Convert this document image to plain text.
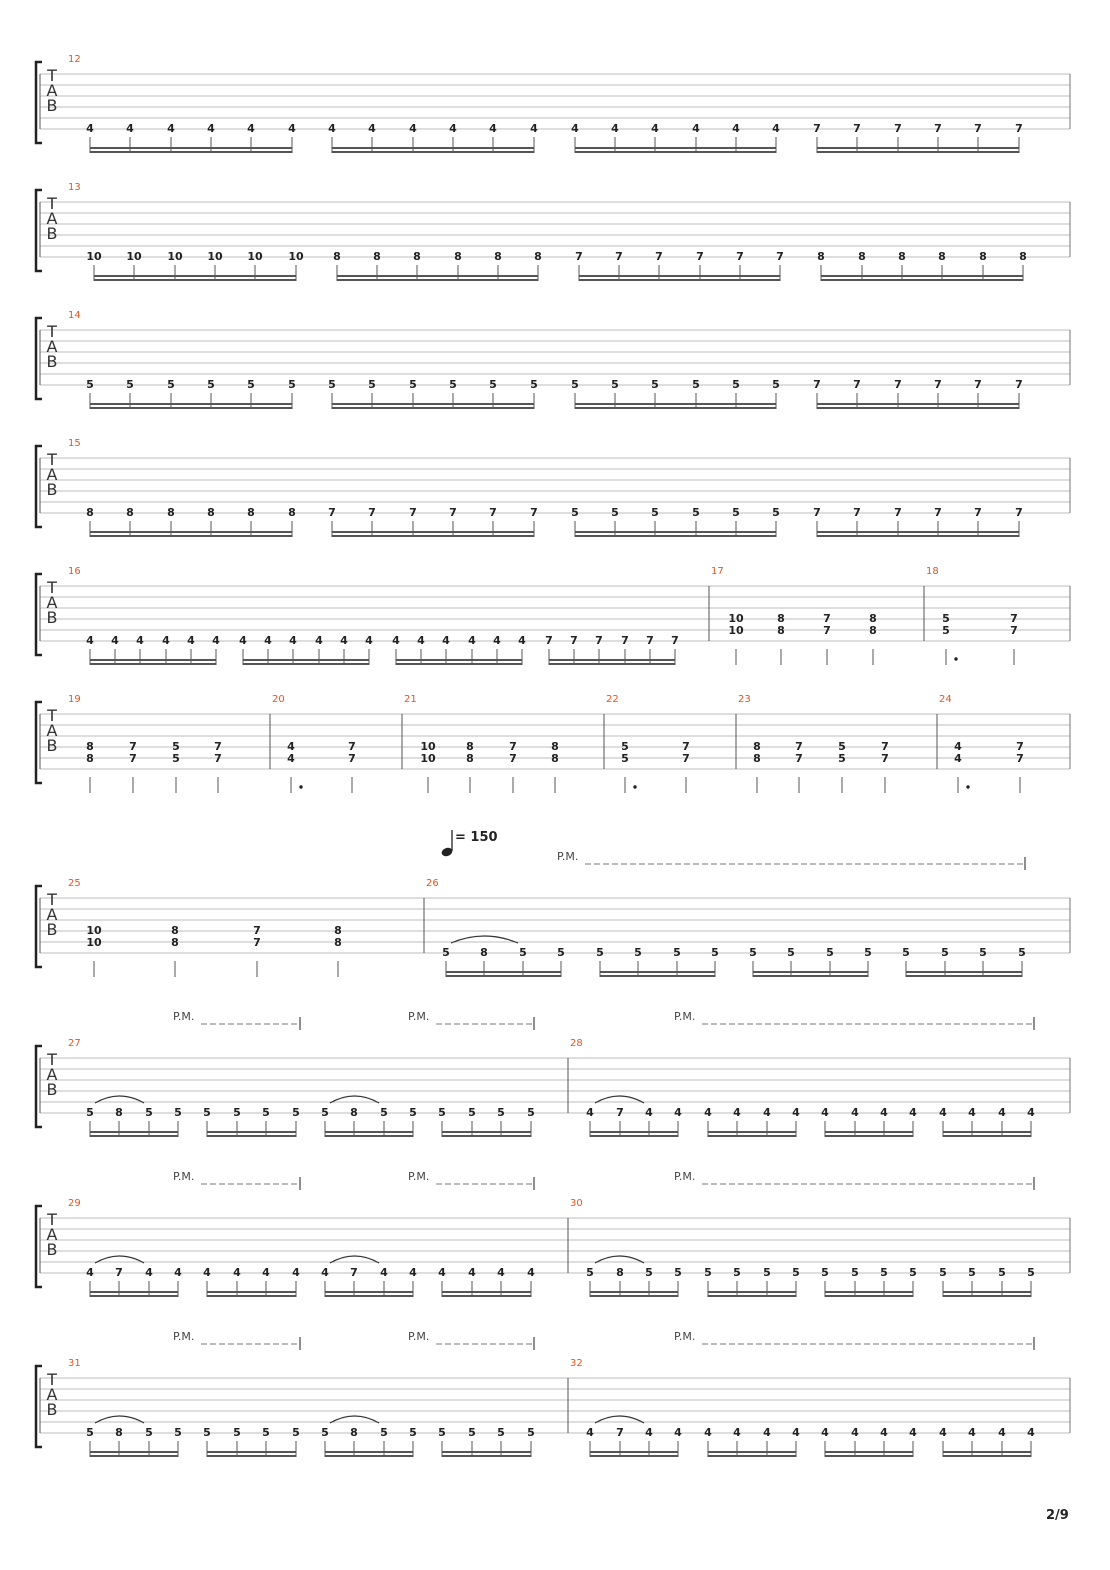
T
A
B
12
4	4	4	4	4	4	4	4	4	4	4	4	4	4	4	4	4	4	7	7	7	7	7	7
T
A
B
13
10 10 10 10 10 10	8	8	8	8	8	8	7	7	7	7	7	7	8	8	8	8	8	8
T
A
B
14
5	5	5	5	5	5	5	5	5	5	5	5	5	5	5	5	5	5	7	7	7	7	7	7
T
A
B
15
8	8	8	8	8	8	7	7	7	7	7	7	5	5	5	5	5	5	7	7	7	7	7	7
T
A
B
16
4 4 4 4 4 4 4 4 4 4 4 4 4 4 4 4 4 4 7 7 7 7 7 7
17
10
10
8
8
7
7
8
8
18
5
5
7
7
T
A
B
19
8
8
7
7
5
5
7
7
20
4
4
7
7
21
10
10
8
8
7
7
8
8
22
5
5
7
7
23
8
8
7
7
5
5
7
7
24
4
4
7
7
T
A
B
25
10
10
8
8
7
7
8
8
26
5	8	5	5	5	5	5	5	5	5	5	5	5	5	5	5
P.M.
T
A
B
27
5 8 5 5 5 5 5 5 5 8 5 5 5 5 5 5
28
4 7 4 4 4 4 4 4 4 4 4 4 4 4 4 4
P.M.	P.M.	P.M.
T
A
B
29
4 7 4 4 4 4 4 4 4 7 4 4 4 4 4 4
30
5 8 5 5 5 5 5 5 5 5 5 5 5 5 5 5
P.M.	P.M.	P.M.
T
A
B
31
5 8 5 5 5 5 5 5 5 8 5 5 5 5 5 5
32
4 7 4 4 4 4 4 4 4 4 4 4 4 4 4 4
P.M.	P.M.	P.M.
= 150
2/9
